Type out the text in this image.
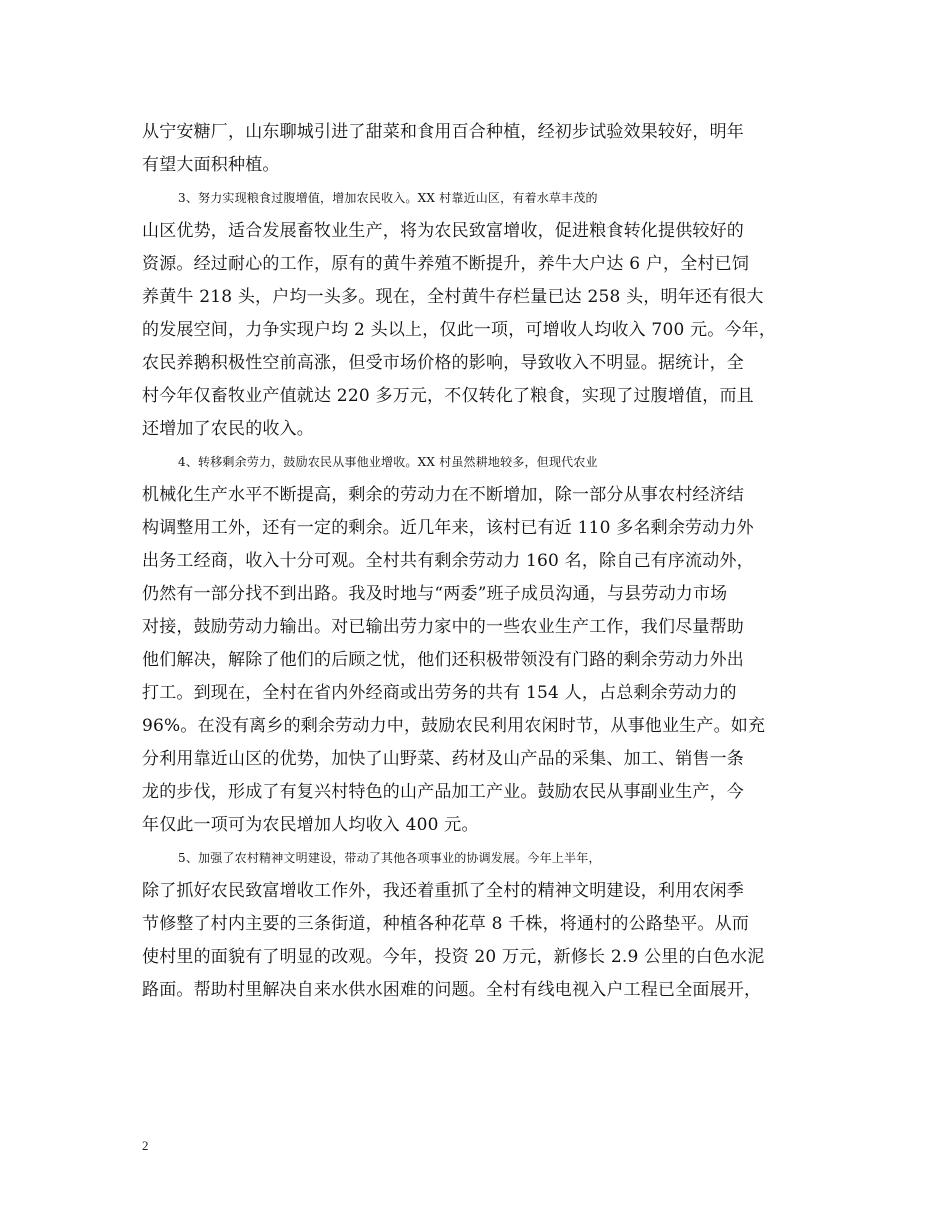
从宁安糖厂，山东聊城引进了甜菜和食用百合种植，经初步试验效果较好，明年
有望大面积种植。
3、努力实现粮食过腹增值，增加农民收入。XX 村靠近山区，有着水草丰茂的
山区优势，适合发展畜牧业生产，将为农民致富增收，促进粮食转化提供较好的
资源。经过耐心的工作，原有的黄牛养殖不断提升，养牛大户达 6 户，全村已饲
养黄牛 218 头，户均一头多。现在，全村黄牛存栏量已达 258 头，明年还有很大
的发展空间，力争实现户均 2 头以上，仅此一项，可增收人均收入 700 元。今年，
农民养鹅积极性空前高涨，但受市场价格的影响，导致收入不明显。据统计，全
村今年仅畜牧业产值就达 220 多万元，不仅转化了粮食，实现了过腹增值，而且
还增加了农民的收入。
4、转移剩余劳力，鼓励农民从事他业增收。XX 村虽然耕地较多，但现代农业
机械化生产水平不断提高，剩余的劳动力在不断增加，除一部分从事农村经济结
构调整用工外，还有一定的剩余。近几年来，该村已有近 110 多名剩余劳动力外
出务工经商，收入十分可观。全村共有剩余劳动力 160 名，除自己有序流动外，
仍然有一部分找不到出路。我及时地与“两委”班子成员沟通，与县劳动力市场
对接，鼓励劳动力输出。对已输出劳力家中的一些农业生产工作，我们尽量帮助
他们解决，解除了他们的后顾之忧，他们还积极带领没有门路的剩余劳动力外出
打工。到现在，全村在省内外经商或出劳务的共有 154 人，占总剩余劳动力的
96%。在没有离乡的剩余劳动力中，鼓励农民利用农闲时节，从事他业生产。如充
分利用靠近山区的优势，加快了山野菜、药材及山产品的采集、加工、销售一条
龙的步伐，形成了有复兴村特色的山产品加工产业。鼓励农民从事副业生产，今
年仅此一项可为农民增加人均收入 400 元。
5、加强了农村精神文明建设，带动了其他各项事业的协调发展。今年上半年，
除了抓好农民致富增收工作外，我还着重抓了全村的精神文明建设，利用农闲季
节修整了村内主要的三条街道，种植各种花草 8 千株，将通村的公路垫平。从而
使村里的面貌有了明显的改观。今年，投资 20 万元，新修长 2.9 公里的白色水泥
路面。帮助村里解决自来水供水困难的问题。全村有线电视入户工程已全面展开，
2
